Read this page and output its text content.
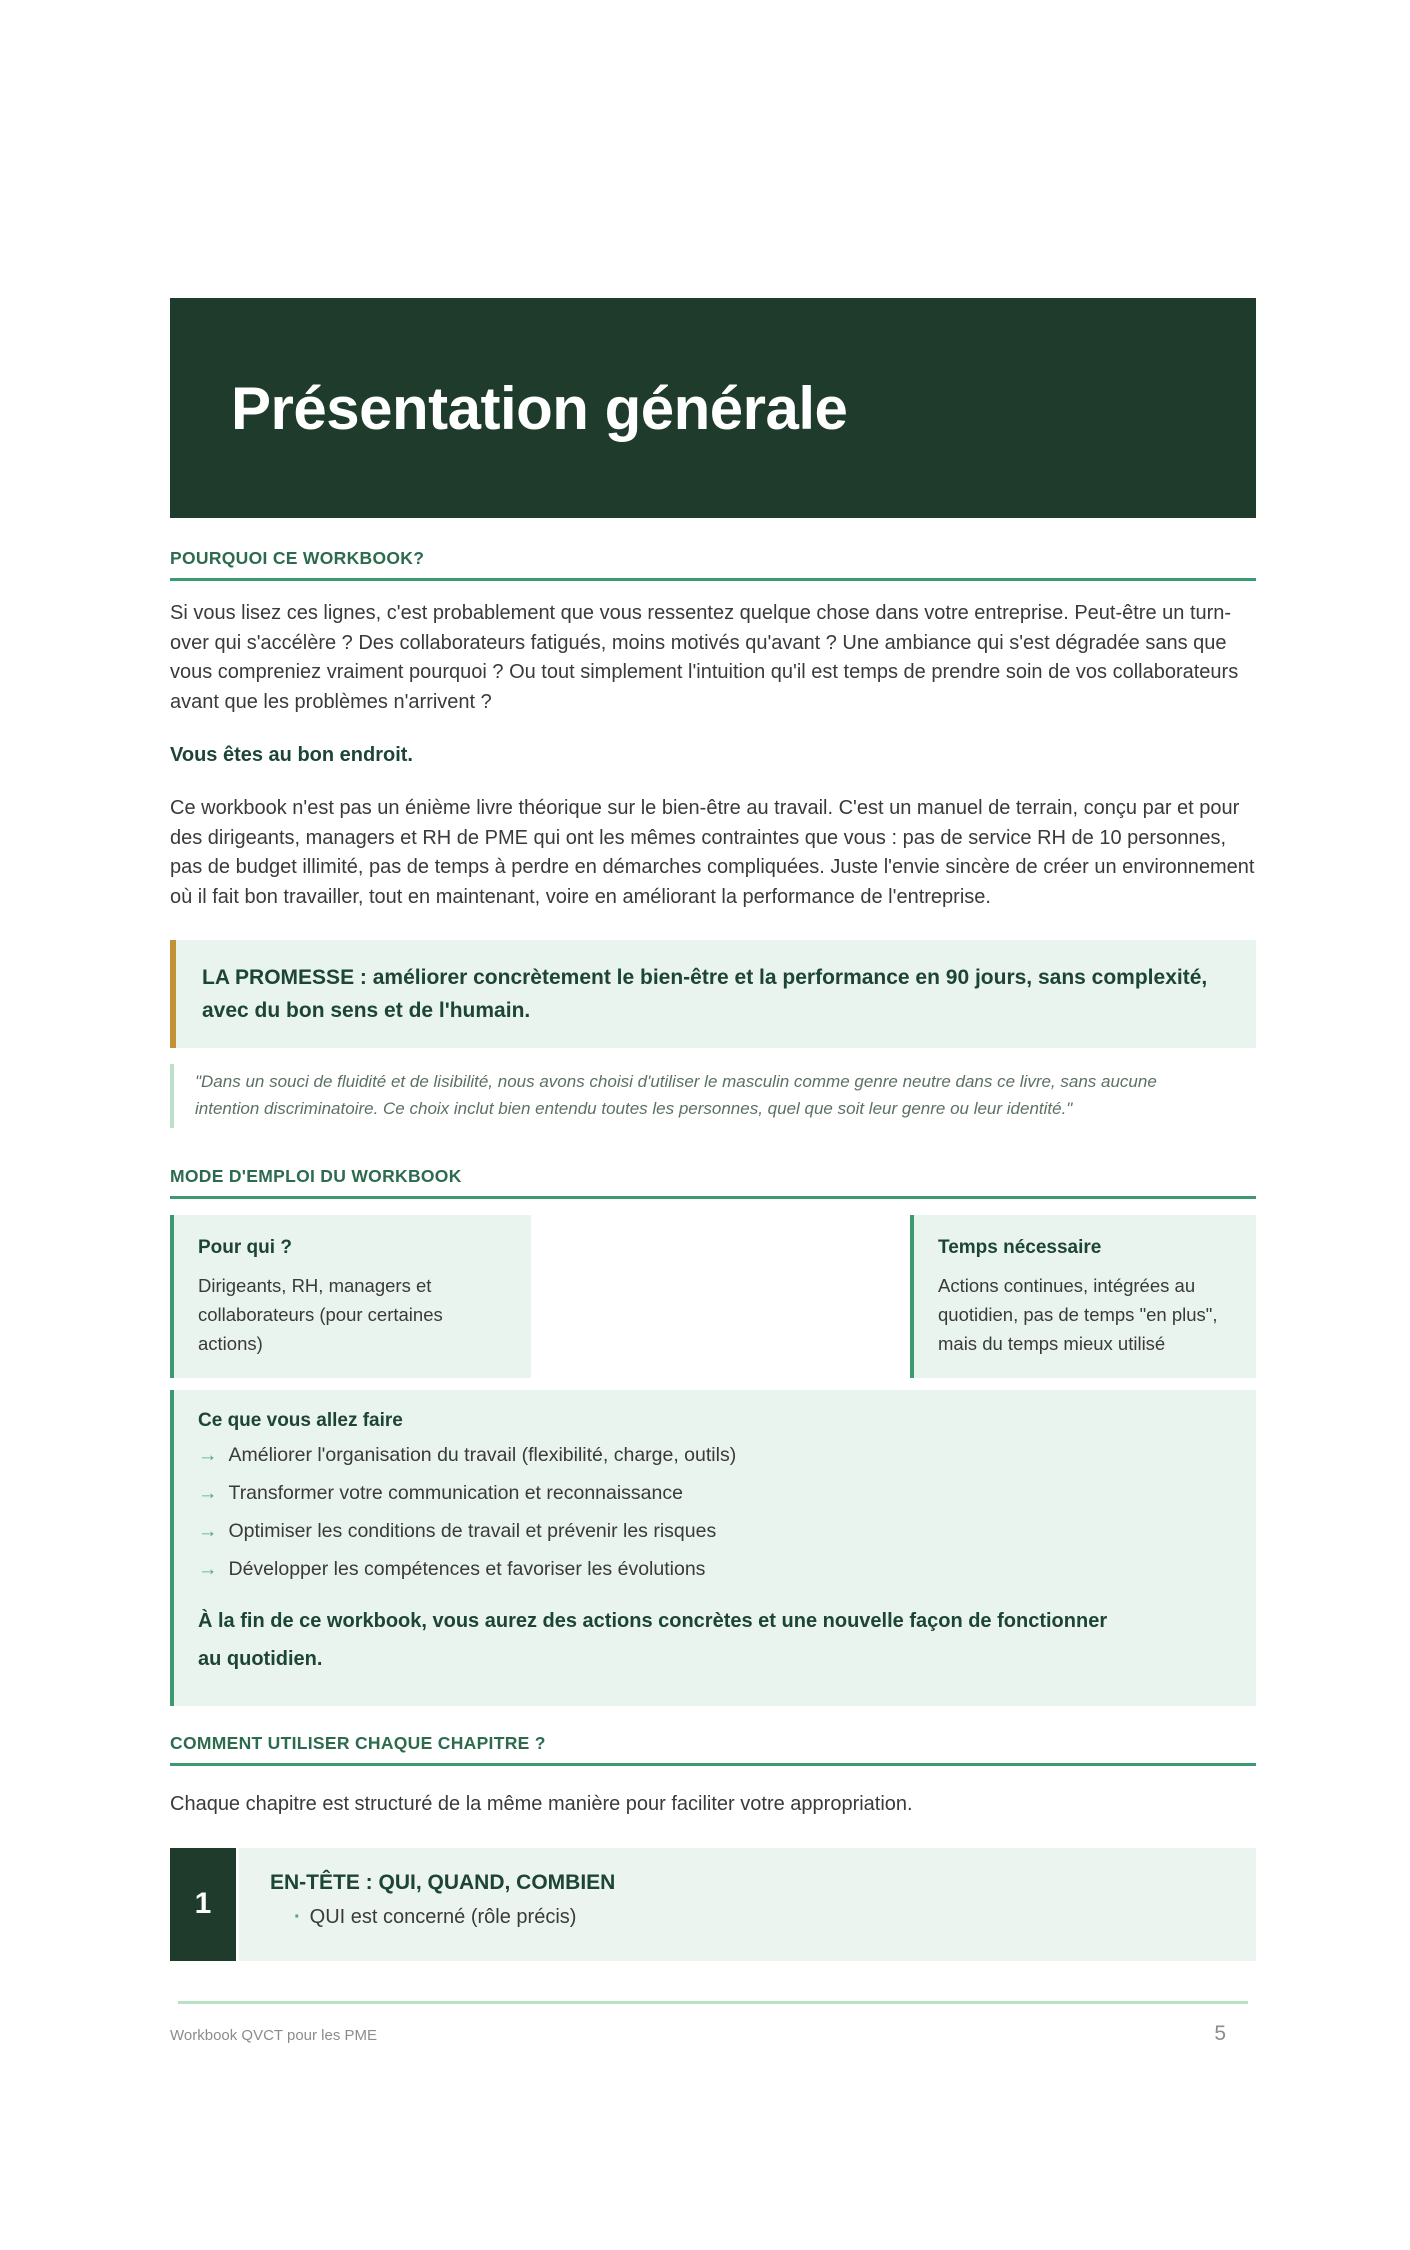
Présentation générale
POURQUOI CE WORKBOOK?

Si vous lisez ces lignes, c'est probablement que vous ressentez quelque chose dans votre entreprise. Peut-être un turn-over qui s'accélère ? Des collaborateurs fatigués, moins motivés qu'avant ? Une ambiance qui s'est dégradée sans que vous compreniez vraiment pourquoi ? Ou tout simplement l'intuition qu'il est temps de prendre soin de vos collaborateurs avant que les problèmes n'arrivent ?

Vous êtes au bon endroit.

Ce workbook n'est pas un énième livre théorique sur le bien-être au travail. C'est un manuel de terrain, conçu par et pour des dirigeants, managers et RH de PME qui ont les mêmes contraintes que vous : pas de service RH de 10 personnes, pas de budget illimité, pas de temps à perdre en démarches compliquées. Juste l'envie sincère de créer un environnement où il fait bon travailler, tout en maintenant, voire en améliorant la performance de l'entreprise.

LA PROMESSE : améliorer concrètement le bien-être et la performance en 90 jours, sans complexité, avec du bon sens et de l'humain.
"Dans un souci de fluidité et de lisibilité, nous avons choisi d'utiliser le masculin comme genre neutre dans ce livre, sans aucune intention discriminatoire. Ce choix inclut bien entendu toutes les personnes, quel que soit leur genre ou leur identité."
MODE D'EMPLOI DU WORKBOOK
Pour qui ?
Dirigeants, RH, managers et collaborateurs (pour certaines actions)
Temps nécessaire
Actions continues, intégrées au quotidien, pas de temps "en plus", mais du temps mieux utilisé
Ce que vous allez faire
→
Améliorer l'organisation du travail (flexibilité, charge, outils)
→
Transformer votre communication et reconnaissance
→
Optimiser les conditions de travail et prévenir les risques
→
Développer les compétences et favoriser les évolutions
À la fin de ce workbook, vous aurez des actions concrètes et une nouvelle façon de fonctionner au quotidien.
COMMENT UTILISER CHAQUE CHAPITRE ?

Chaque chapitre est structuré de la même manière pour faciliter votre appropriation.

1
EN-TÊTE : QUI, QUAND, COMBIEN
· QUI est concerné (rôle précis)
Workbook QVCT pour les PME	5
